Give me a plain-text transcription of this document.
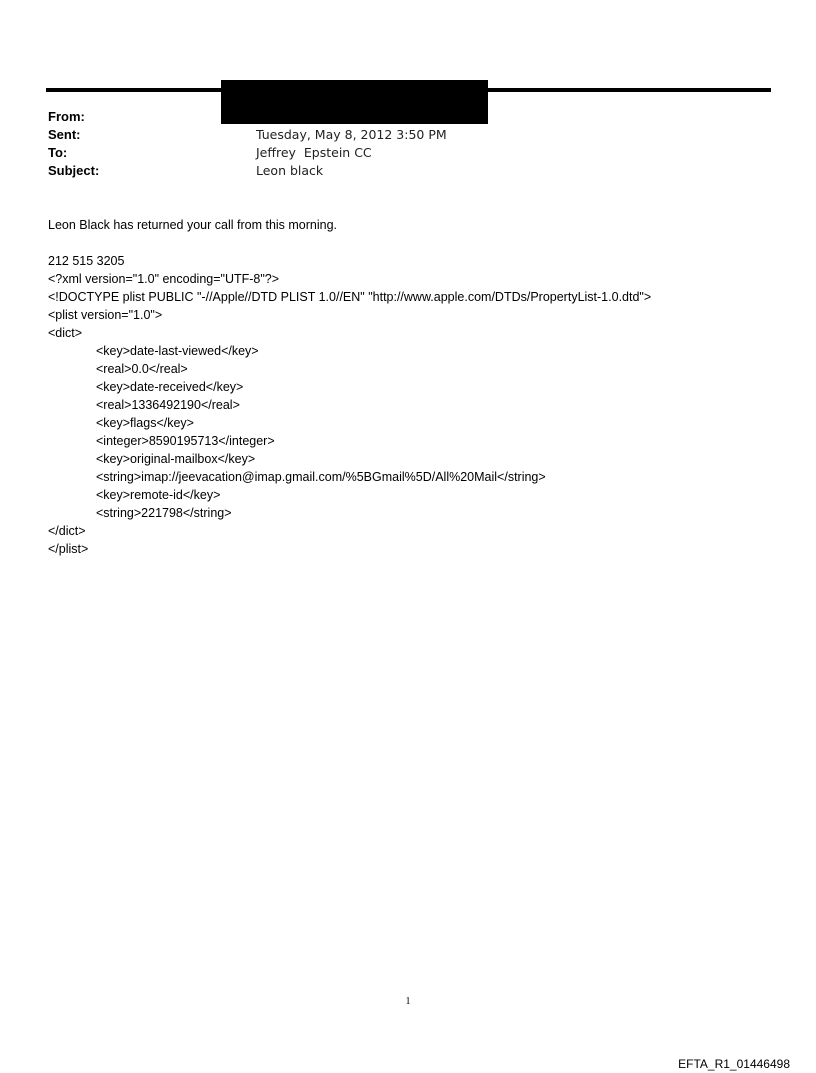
From:
Sent:	Tuesday, May 8, 2012 3:50 PM
To:	Jeffrey  Epstein CC
Subject:	Leon black
Leon Black has returned your call from this morning.
212 515 3205
<?xml version="1.0" encoding="UTF-8"?>
<!DOCTYPE plist PUBLIC "-//Apple//DTD PLIST 1.0//EN" "http://www.apple.com/DTDs/PropertyList-1.0.dtd">
<plist version="1.0">
<dict>
<key>date-last-viewed</key>
<real>0.0</real>
<key>date-received</key>
<real>1336492190</real>
<key>flags</key>
<integer>8590195713</integer>
<key>original-mailbox</key>
<string>imap://jeevacation@imap.gmail.com/%5BGmail%5D/All%20Mail</string>
<key>remote-id</key>
<string>221798</string>
</dict>
</plist>
1
EFTA_R1_01446498
